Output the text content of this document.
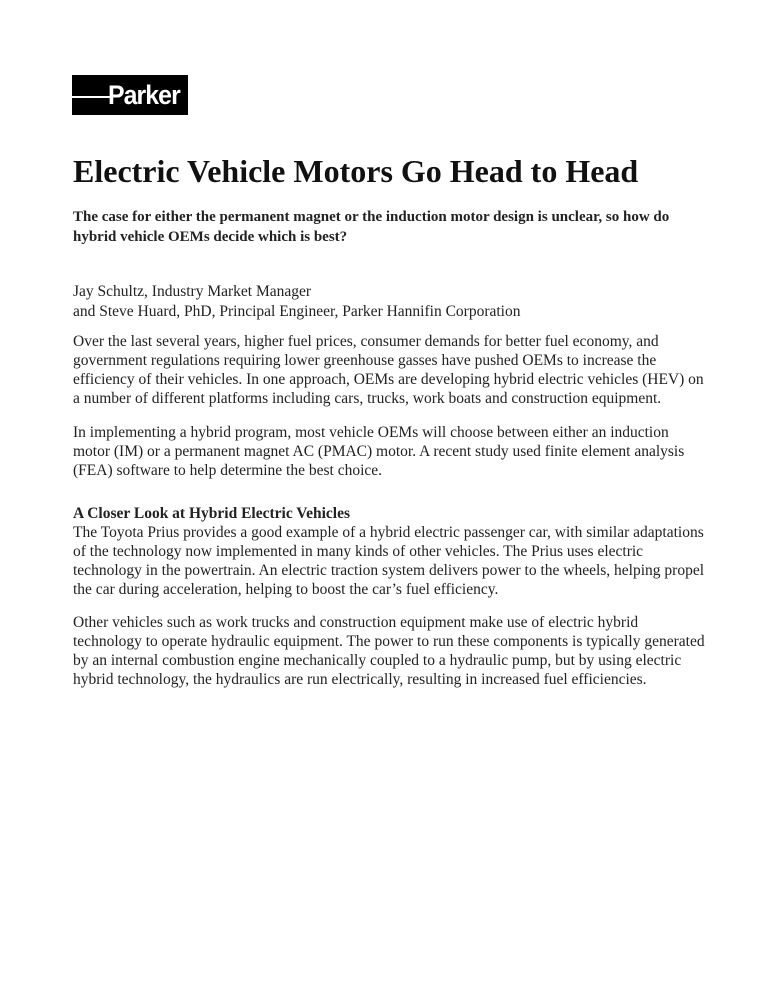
Parker
Electric Vehicle Motors Go Head to Head

The case for either the permanent magnet or the induction motor design is unclear, so how do hybrid vehicle OEMs decide which is best?

Jay Schultz, Industry Market Manager
and Steve Huard, PhD, Principal Engineer, Parker Hannifin Corporation

Over the last several years, higher fuel prices, consumer demands for better fuel economy, and government regulations requiring lower greenhouse gasses have pushed OEMs to increase the efficiency of their vehicles. In one approach, OEMs are developing hybrid electric vehicles (HEV) on a number of different platforms including cars, trucks, work boats and construction equipment.

In implementing a hybrid program, most vehicle OEMs will choose between either an induction motor (IM) or a permanent magnet AC (PMAC) motor. A recent study used finite element analysis (FEA) software to help determine the best choice.

A Closer Look at Hybrid Electric Vehicles

The Toyota Prius provides a good example of a hybrid electric passenger car, with similar adaptations of the technology now implemented in many kinds of other vehicles. The Prius uses electric technology in the powertrain. An electric traction system delivers power to the wheels, helping propel the car during acceleration, helping to boost the car’s fuel efficiency.

Other vehicles such as work trucks and construction equipment make use of electric hybrid technology to operate hydraulic equipment. The power to run these components is typically generated by an internal combustion engine mechanically coupled to a hydraulic pump, but by using electric hybrid technology, the hydraulics are run electrically, resulting in increased fuel efficiencies.
